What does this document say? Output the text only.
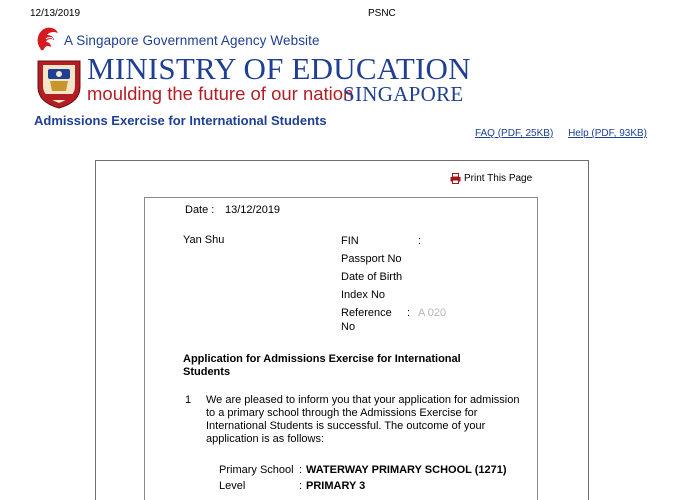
12/13/2019	PSNC
A Singapore Government Agency Website
MINISTRY OF EDUCATION
moulding the future of our nation
SINGAPORE
Admissions Exercise for International Students
FAQ (PDF, 25KB) Help (PDF, 93KB)
Print This Page
Date : 13/12/2019
Yan Shu	FIN	:
Passport No
Date of Birth
Index No
Reference : A 020
No
Application for Admissions Exercise for International Students
1 We are pleased to inform you that your application for admission to a primary school through the Admissions Exercise for International Students is successful. The outcome of your application is as follows:
Primary School : WATERWAY PRIMARY SCHOOL (1271)
Level	: PRIMARY 3
